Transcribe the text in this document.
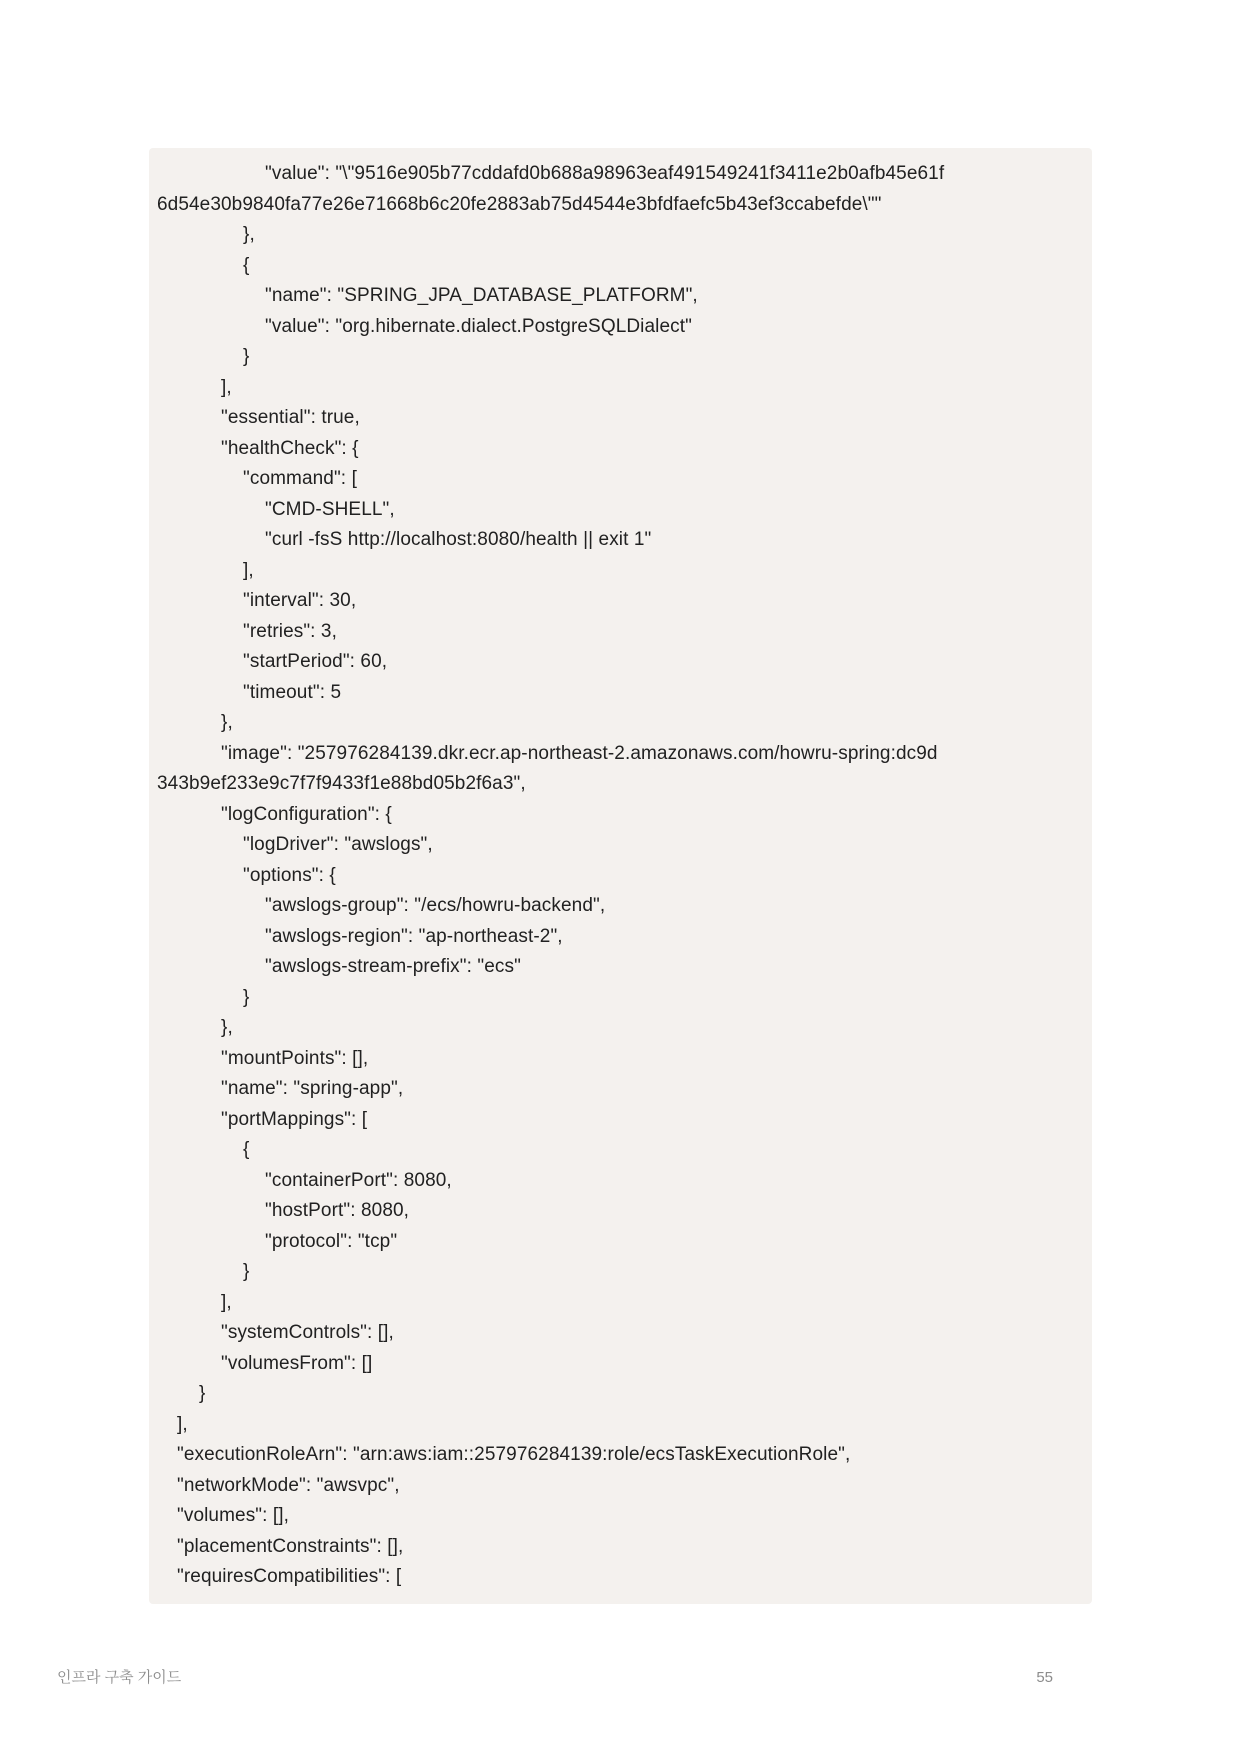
"value": "\"9516e905b77cddafd0b688a98963eaf491549241f3411e2b0afb45e61f
6d54e30b9840fa77e26e71668b6c20fe2883ab75d4544e3bfdfaefc5b43ef3ccabefde\""
},
{
"name": "SPRING_JPA_DATABASE_PLATFORM",
"value": "org.hibernate.dialect.PostgreSQLDialect"
}
],
"essential": true,
"healthCheck": {
"command": [
"CMD-SHELL",
"curl -fsS http://localhost:8080/health || exit 1"
],
"interval": 30,
"retries": 3,
"startPeriod": 60,
"timeout": 5
},
"image": "257976284139.dkr.ecr.ap-northeast-2.amazonaws.com/howru-spring:dc9d
343b9ef233e9c7f7f9433f1e88bd05b2f6a3",
"logConfiguration": {
"logDriver": "awslogs",
"options": {
"awslogs-group": "/ecs/howru-backend",
"awslogs-region": "ap-northeast-2",
"awslogs-stream-prefix": "ecs"
}
},
"mountPoints": [],
"name": "spring-app",
"portMappings": [
{
"containerPort": 8080,
"hostPort": 8080,
"protocol": "tcp"
}
],
"systemControls": [],
"volumesFrom": []
}
],
"executionRoleArn": "arn:aws:iam::257976284139:role/ecsTaskExecutionRole",
"networkMode": "awsvpc",
"volumes": [],
"placementConstraints": [],
"requiresCompatibilities": [
인프라 구축 가이드	55
